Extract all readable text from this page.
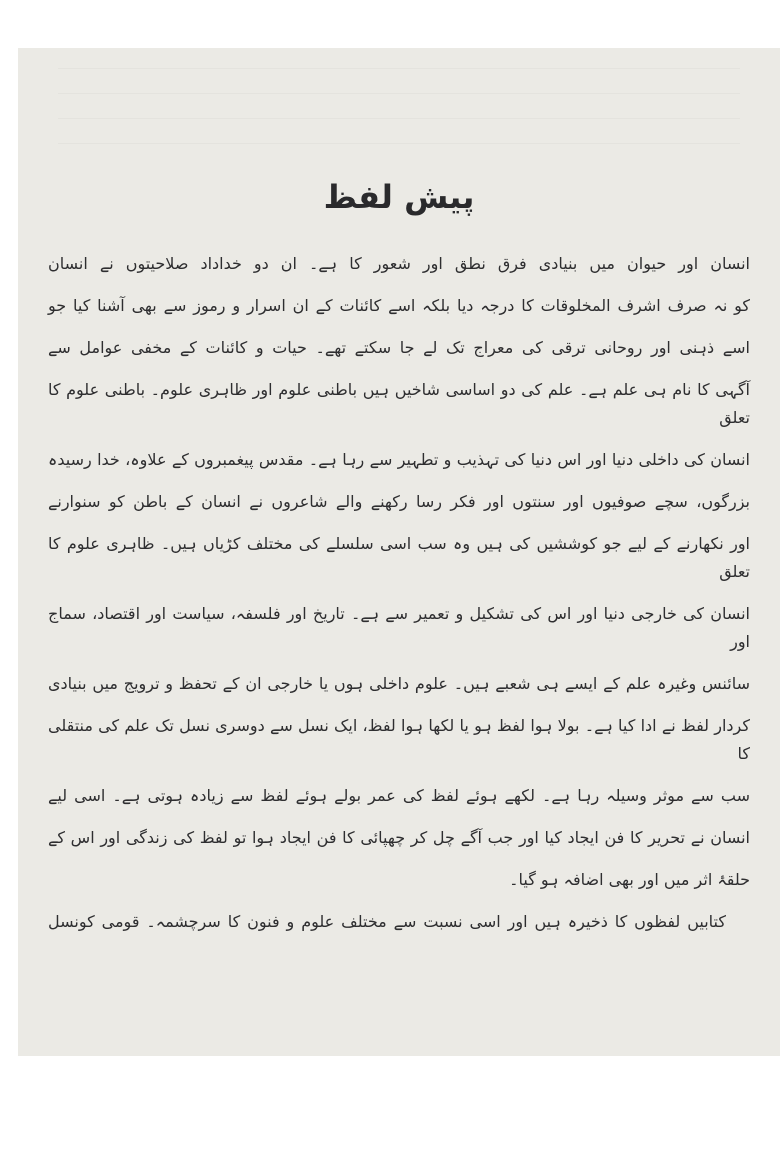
پیش لفظ
انسان اور حیوان میں بنیادی فرق نطق اور شعور کا ہے۔ ان دو خداداد صلاحیتوں نے انسان
کو نہ صرف اشرف المخلوقات کا درجہ دیا بلکہ اسے کائنات کے ان اسرار و رموز سے بھی آشنا کیا جو
اسے ذہنی اور روحانی ترقی کی معراج تک لے جا سکتے تھے۔ حیات و کائنات کے مخفی عوامل سے
آگہی کا نام ہی علم ہے۔ علم کی دو اساسی شاخیں ہیں باطنی علوم اور ظاہری علوم۔ باطنی علوم کا تعلق
انسان کی داخلی دنیا اور اس دنیا کی تہذیب و تطہیر سے رہا ہے۔ مقدس پیغمبروں کے علاوہ، خدا رسیدہ
بزرگوں، سچے صوفیوں اور سنتوں اور فکر رسا رکھنے والے شاعروں نے انسان کے باطن کو سنوارنے
اور نکھارنے کے لیے جو کوششیں کی ہیں وہ سب اسی سلسلے کی مختلف کڑیاں ہیں۔ ظاہری علوم کا تعلق
انسان کی خارجی دنیا اور اس کی تشکیل و تعمیر سے ہے۔ تاریخ اور فلسفہ، سیاست اور اقتصاد، سماج اور
سائنس وغیرہ علم کے ایسے ہی شعبے ہیں۔ علوم داخلی ہوں یا خارجی ان کے تحفظ و ترویج میں بنیادی
کردار لفظ نے ادا کیا ہے۔ بولا ہوا لفظ ہو یا لکھا ہوا لفظ، ایک نسل سے دوسری نسل تک علم کی منتقلی کا
سب سے موثر وسیلہ رہا ہے۔ لکھے ہوئے لفظ کی عمر بولے ہوئے لفظ سے زیادہ ہوتی ہے۔ اسی لیے
انسان نے تحریر کا فن ایجاد کیا اور جب آگے چل کر چھپائی کا فن ایجاد ہوا تو لفظ کی زندگی اور اس کے
حلقۂ اثر میں اور بھی اضافہ ہو گیا۔
کتابیں لفظوں کا ذخیرہ ہیں اور اسی نسبت سے مختلف علوم و فنون کا سرچشمہ۔ قومی کونسل
